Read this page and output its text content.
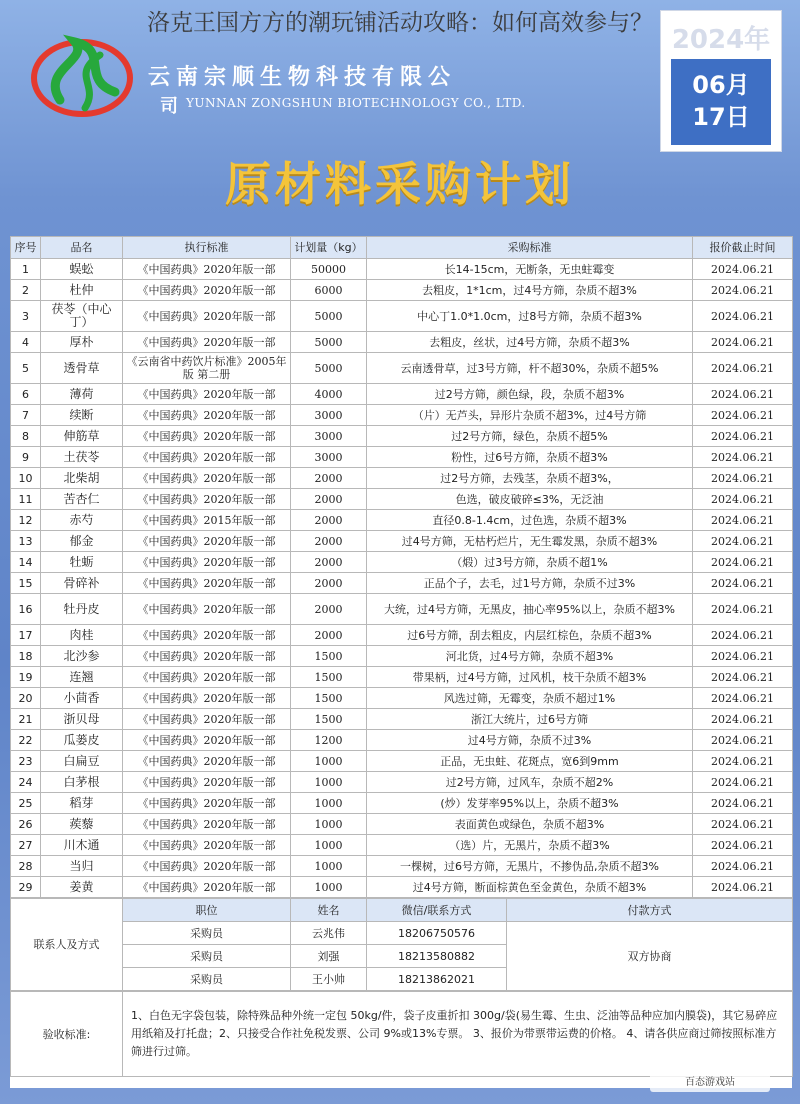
洛克王国方方的潮玩铺活动攻略：如何高效参与？
云南宗顺生物科技有限公
司 YUNNAN ZONGSHUN BIOTECHNOLOGY CO., LTD.
2024年
06月
17日
原材料采购计划
序号	品名	执行标准	计划量（kg）	采购标准	报价截止时间
1	蜈蚣	《中国药典》2020年版一部	50000	长14-15cm，无断条，无虫蛀霉变	2024.06.21
2	杜仲	《中国药典》2020年版一部	6000	去粗皮，1*1cm，过4号方筛，杂质不超3%	2024.06.21
3	茯苓（中心丁）	《中国药典》2020年版一部	5000	中心丁1.0*1.0cm，过8号方筛，杂质不超3%	2024.06.21
4	厚朴	《中国药典》2020年版一部	5000	去粗皮，丝状，过4号方筛，杂质不超3%	2024.06.21
5	透骨草	《云南省中药饮片标准》2005年版 第二册	5000	云南透骨草，过3号方筛，杆不超30%，杂质不超5%	2024.06.21
6	薄荷	《中国药典》2020年版一部	4000	过2号方筛，颜色绿，段，杂质不超3%	2024.06.21
7	续断	《中国药典》2020年版一部	3000	（片）无芦头，异形片杂质不超3%，过4号方筛	2024.06.21
8	伸筋草	《中国药典》2020年版一部	3000	过2号方筛，绿色，杂质不超5%	2024.06.21
9	土茯苓	《中国药典》2020年版一部	3000	粉性，过6号方筛，杂质不超3%	2024.06.21
10	北柴胡	《中国药典》2020年版一部	2000	过2号方筛，去残茎，杂质不超3%，	2024.06.21
11	苦杏仁	《中国药典》2020年版一部	2000	色选，破皮破碎≤3%，无泛油	2024.06.21
12	赤芍	《中国药典》2015年版一部	2000	直径0.8-1.4cm，过色选，杂质不超3%	2024.06.21
13	郁金	《中国药典》2020年版一部	2000	过4号方筛，无枯朽烂片，无生霉发黑，杂质不超3%	2024.06.21
14	牡蛎	《中国药典》2020年版一部	2000	（煅）过3号方筛，杂质不超1%	2024.06.21
15	骨碎补	《中国药典》2020年版一部	2000	正品个子，去毛，过1号方筛，杂质不过3%	2024.06.21
16	牡丹皮	《中国药典》2020年版一部	2000	大统，过4号方筛，无黑皮，抽心率95%以上，杂质不超3%	2024.06.21
17	肉桂	《中国药典》2020年版一部	2000	过6号方筛，刮去粗皮，内层红棕色，杂质不超3%	2024.06.21
18	北沙参	《中国药典》2020年版一部	1500	河北货，过4号方筛，杂质不超3%	2024.06.21
19	连翘	《中国药典》2020年版一部	1500	带果柄，过4号方筛，过风机，枝干杂质不超3%	2024.06.21
20	小茴香	《中国药典》2020年版一部	1500	风选过筛，无霉变，杂质不超过1%	2024.06.21
21	浙贝母	《中国药典》2020年版一部	1500	浙江大统片，过6号方筛	2024.06.21
22	瓜蒌皮	《中国药典》2020年版一部	1200	过4号方筛，杂质不过3%	2024.06.21
23	白扁豆	《中国药典》2020年版一部	1000	正品，无虫蛀、花斑点，宽6到9mm	2024.06.21
24	白茅根	《中国药典》2020年版一部	1000	过2号方筛，过风车，杂质不超2%	2024.06.21
25	稻芽	《中国药典》2020年版一部	1000	(炒）发芽率95%以上，杂质不超3%	2024.06.21
26	蒺藜	《中国药典》2020年版一部	1000	表面黄色或绿色，杂质不超3%	2024.06.21
27	川木通	《中国药典》2020年版一部	1000	（选）片，无黑片，杂质不超3%	2024.06.21
28	当归	《中国药典》2020年版一部	1000	一棵树，过6号方筛，无黑片，不掺伪品,杂质不超3%	2024.06.21
29	姜黄	《中国药典》2020年版一部	1000	过4号方筛，断面棕黄色至金黄色，杂质不超3%	2024.06.21
联系人及方式	职位	姓名	微信/联系方式	付款方式
	采购员	云兆伟	18206750576	双方协商
	采购员	刘强	18213580882	
	采购员	王小帅	18213862021	
验收标准:	1、白色无字袋包装，除特殊品种外统一定包 50kg/件，袋子皮重折扣 300g/袋(易生霉、生虫、泛油等品种应加内膜袋)，其它易碎应用纸箱及打托盘；2、只接受合作社免税发票、公司 9%或13%专票。 3、报价为带票带运费的价格。 4、请各供应商过筛按照标准方筛进行过筛。
百态游戏站
